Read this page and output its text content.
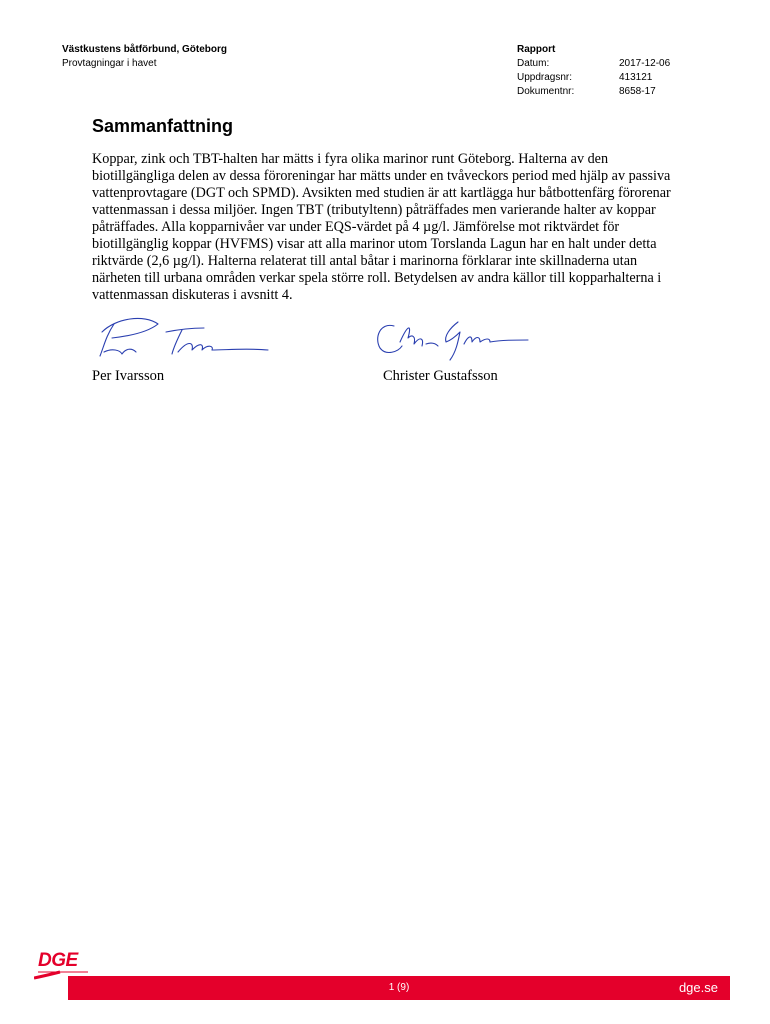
Västkustens båtförbund, Göteborg
Provtagningar i havet
Rapport
Datum:	2017-12-06
Uppdragsnr:	413121
Dokumentnr:	8658-17
Sammanfattning

Koppar, zink och TBT-halten har mätts i fyra olika marinor runt Göteborg. Halterna av den biotillgängliga delen av dessa föroreningar har mätts under en tvåveckors period med hjälp av passiva vattenprovtagare (DGT och SPMD). Avsikten med studien är att kartlägga hur båtbottenfärg förorenar vattenmassan i dessa miljöer. Ingen TBT (tributyltenn) påträffades men varierande halter av koppar påträffades. Alla kopparnivåer var under EQS-värdet på 4 µg/l. Jämförelse mot riktvärdet för biotillgänglig koppar (HVFMS) visar att alla marinor utom Torslanda Lagun har en halt under detta riktvärde (2,6 µg/l). Halterna relaterat till antal båtar i marinorna förklarar inte skillnaderna utan närheten till urbana områden verkar spela större roll. Betydelsen av andra källor till kopparhalterna i vattenmassan diskuteras i avsnitt 4.

Per Ivarsson	Christer Gustafsson
DGE
1 (9)	dge.se
